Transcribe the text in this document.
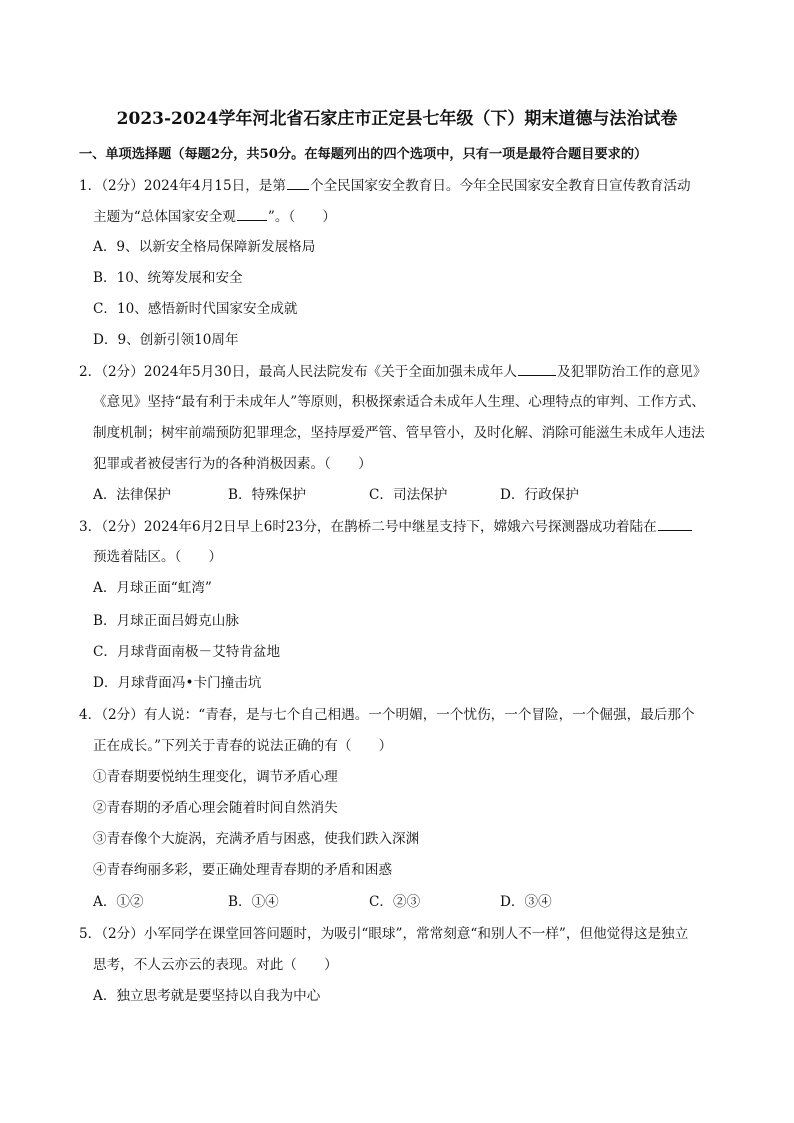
2023-2024学年河北省石家庄市正定县七年级（下）期末道德与法治试卷
一、单项选择题（每题2分，共50分。在每题列出的四个选项中，只有一项是最符合题目要求的）
1．（2分）2024年4月15日，是第 个全民国家安全教育日。今年全民国家安全教育日宣传教育活动
主题为“总体国家安全观 ”。（　　）
A．9、以新安全格局保障新发展格局
B．10、统筹发展和安全
C．10、感悟新时代国家安全成就
D．9、创新引领10周年
2．（2分）2024年5月30日，最高人民法院发布《关于全面加强未成年人	及犯罪防治工作的意见》
《意见》坚持“最有利于未成年人”等原则，积极探索适合未成年人生理、心理特点的审判、工作方式、
制度机制；树牢前端预防犯罪理念，坚持厚爱严管、管早管小，及时化解、消除可能滋生未成年人违法
犯罪或者被侵害行为的各种消极因素。（　　）
A．法律保护	B．特殊保护	C．司法保护	D．行政保护
3．（2分）2024年6月2日早上6时23分，在鹊桥二号中继星支持下，嫦娥六号探测器成功着陆在
预选着陆区。（　　）
A．月球正面“虹湾”
B．月球正面吕姆克山脉
C．月球背面南极－艾特肯盆地
D．月球背面冯•卡门撞击坑
4．（2分）有人说：“青春，是与七个自己相遇。一个明媚，一个忧伤，一个冒险，一个倔强，最后那个
正在成长。”下列关于青春的说法正确的有（　　）
①青春期要悦纳生理变化，调节矛盾心理
②青春期的矛盾心理会随着时间自然消失
③青春像个大旋涡，充满矛盾与困惑，使我们跌入深渊
④青春绚丽多彩，要正确处理青春期的矛盾和困惑
A．①②	B．①④	C．②③	D．③④
5．（2分）小军同学在课堂回答问题时，为吸引“眼球”，常常刻意“和别人不一样”，但他觉得这是独立
思考，不人云亦云的表现。对此（　　）
A．独立思考就是要坚持以自我为中心
